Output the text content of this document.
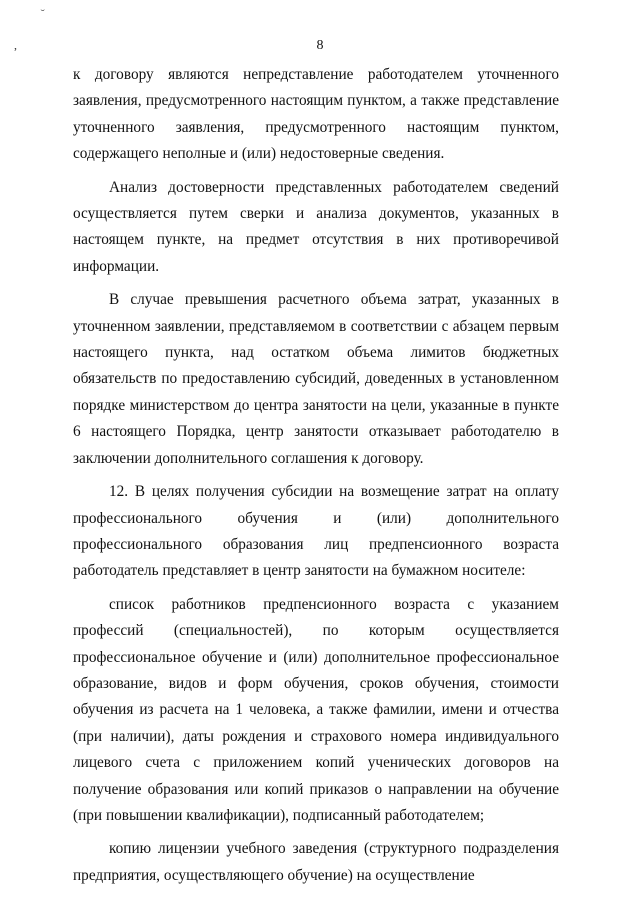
ˇ
,	8

к договору являются непредставление работодателем уточненного заявления, предусмотренного настоящим пунктом, а также представление уточненного заявления, предусмотренного настоящим пунктом, содержащего неполные и (или) недостоверные сведения.

Анализ достоверности представленных работодателем сведений осуществляется путем сверки и анализа документов, указанных в настоящем пункте, на предмет отсутствия в них противоречивой информации.

В случае превышения расчетного объема затрат, указанных в уточненном заявлении, представляемом в соответствии с абзацем первым настоящего пункта, над остатком объема лимитов бюджетных обязательств по предоставлению субсидий, доведенных в установленном порядке министерством до центра занятости на цели, указанные в пункте 6 настоящего Порядка, центр занятости отказывает работодателю в заключении дополнительного соглашения к договору.

12. В целях получения субсидии на возмещение затрат на оплату профессионального обучения и (или) дополнительного профессионального образования лиц предпенсионного возраста работодатель представляет в центр занятости на бумажном носителе:

список работников предпенсионного возраста с указанием профессий (специальностей), по которым осуществляется профессиональное обучение и (или) дополнительное профессиональное образование, видов и форм обучения, сроков обучения, стоимости обучения из расчета на 1 человека, а также фамилии, имени и отчества (при наличии), даты рождения и страхового номера индивидуального лицевого счета с приложением копий ученических договоров на получение образования или копий приказов о направлении на обучение (при повышении квалификации), подписанный работодателем;

копию лицензии учебного заведения (структурного подразделения предприятия, осуществляющего обучение) на осуществление
